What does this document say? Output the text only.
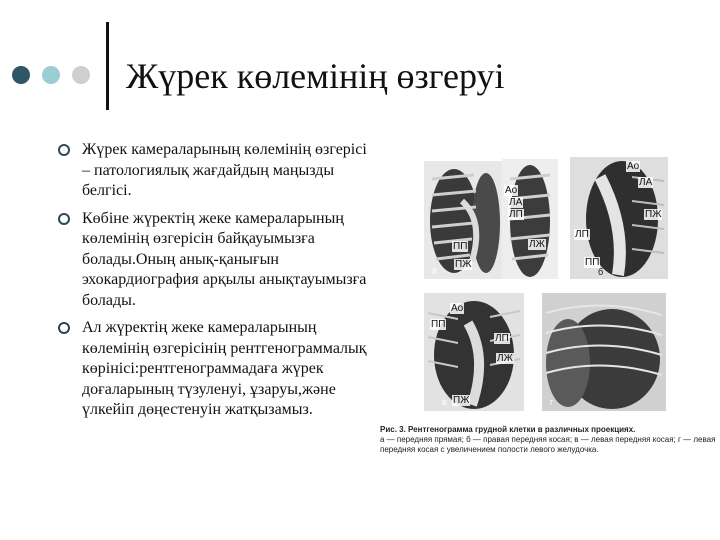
Жүрек көлемінің өзгеруі
Жүрек камераларының көлемінің өзгерісі – патологиялық жағдайдың маңызды белгісі.
Көбіне жүректің жеке камераларының көлемінің өзгерісін байқауымызға болады.Оның анық-қанығын эхокардиография арқылы анықтауымызға болады.
Ал жүректің жеке камераларының көлемінің өзгерісінің рентгенограммалық көрінісі:рентгенограммадаға жүрек доғаларының түзуленуі, ұзаруы,және үлкейіп дөңестенуін жатқызамыз.
ПП
ПЖ
а
Ао
ЛА
ЛП
ЛЖ
Ао
ЛА
ПЖ
ЛП
ПП
б
Ао
ПП
ЛП
ЛЖ
ПЖ
в	г
Рис. 3. Рентгенограмма грудной клетки в различных проекциях.
а — передняя прямая; б — правая передняя косая; в — левая передняя косая; г — левая передняя косая с увеличением полости левого желудочка.
